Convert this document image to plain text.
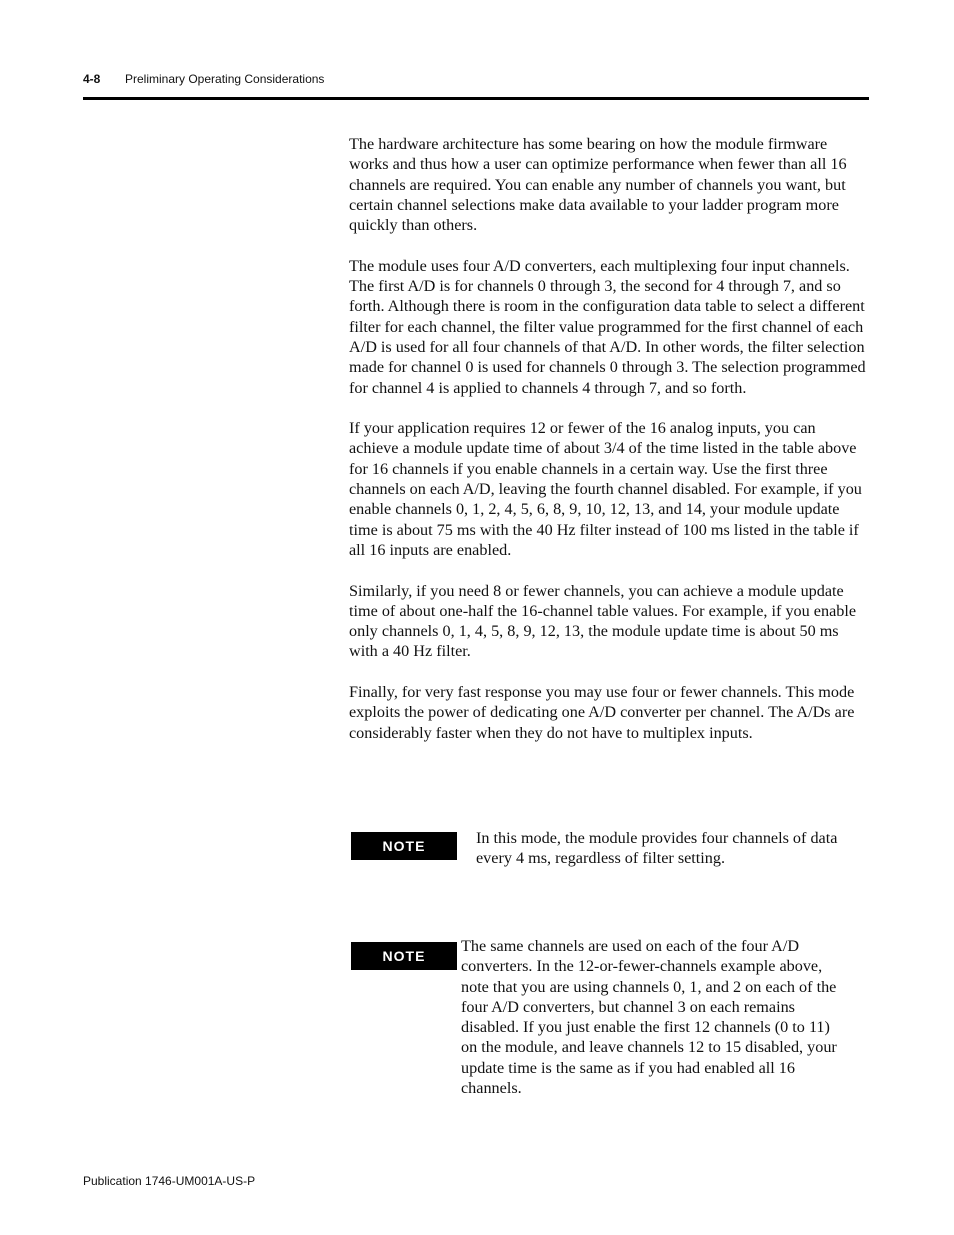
4-8 Preliminary Operating Considerations

The hardware architecture has some bearing on how the module firmware works and thus how a user can optimize performance when fewer than all 16 channels are required. You can enable any number of channels you want, but certain channel selections make data available to your ladder program more quickly than others.

The module uses four A/D converters, each multiplexing four input channels. The first A/D is for channels 0 through 3, the second for 4 through 7, and so forth. Although there is room in the configuration data table to select a different filter for each channel, the filter value programmed for the first channel of each A/D is used for all four channels of that A/D. In other words, the filter selection made for channel 0 is used for channels 0 through 3. The selection programmed for channel 4 is applied to channels 4 through 7, and so forth.

If your application requires 12 or fewer of the 16 analog inputs, you can achieve a module update time of about 3/4 of the time listed in the table above for 16 channels if you enable channels in a certain way. Use the first three channels on each A/D, leaving the fourth channel disabled. For example, if you enable channels 0, 1, 2, 4, 5, 6, 8, 9, 10, 12, 13, and 14, your module update time is about 75 ms with the 40 Hz filter instead of 100 ms listed in the table if all 16 inputs are enabled.

Similarly, if you need 8 or fewer channels, you can achieve a module update time of about one-half the 16-channel table values. For example, if you enable only channels 0, 1, 4, 5, 8, 9, 12, 13, the module update time is about 50 ms with a 40 Hz filter.

Finally, for very fast response you may use four or fewer channels. This mode exploits the power of dedicating one A/D converter per channel. The A/Ds are considerably faster when they do not have to multiplex inputs.

NOTE	In this mode, the module provides four channels of data every 4 ms, regardless of filter setting.
NOTE
The same channels are used on each of the four A/D converters. In the 12-or-fewer-channels example above, note that you are using channels 0, 1, and 2 on each of the four A/D converters, but channel 3 on each remains disabled. If you just enable the first 12 channels (0 to 11) on the module, and leave channels 12 to 15 disabled, your update time is the same as if you had enabled all 16 channels.
Publication 1746-UM001A-US-P
